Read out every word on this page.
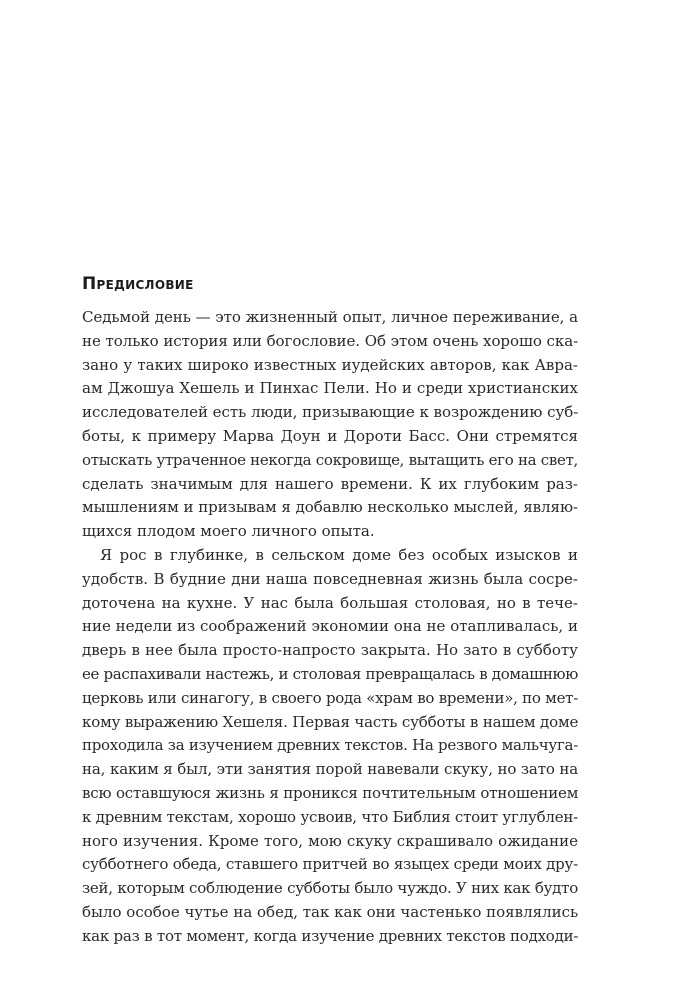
Предисловие
Седьмой день — это жизненный опыт, личное переживание, а
не только история или богословие. Об этом очень хорошо ска-
зано у таких широко известных иудейских авторов, как Авра-
ам Джошуа Хешель и Пинхас Пели. Но и среди христианских
исследователей есть люди, призывающие к возрождению суб-
боты, к примеру Марва Доун и Дороти Басс. Они стремятся
отыскать утраченное некогда сокровище, вытащить его на свет,
сделать значимым для нашего времени. К их глубоким раз-
мышлениям и призывам я добавлю несколько мыслей, являю-
щихся плодом моего личного опыта.
Я рос в глубинке, в сельском доме без особых изысков и
удобств. В будние дни наша повседневная жизнь была сосре-
доточена на кухне. У нас была большая столовая, но в тече-
ние недели из соображений экономии она не отапливалась, и
дверь в нее была просто-напросто закрыта. Но зато в субботу
ее распахивали настежь, и столовая превращалась в домашнюю
церковь или синагогу, в своего рода «храм во времени», по мет-
кому выражению Хешеля. Первая часть субботы в нашем доме
проходила за изучением древних текстов. На резвого мальчуга-
на, каким я был, эти занятия порой навевали скуку, но зато на
всю оставшуюся жизнь я проникся почтительным отношением
к древним текстам, хорошо усвоив, что Библия стоит углублен-
ного изучения. Кроме того, мою скуку скрашивало ожидание
субботнего обеда, ставшего притчей во языцех среди моих дру-
зей, которым соблюдение субботы было чуждо. У них как будто
было особое чутье на обед, так как они частенько появлялись
как раз в тот момент, когда изучение древних текстов подходи-
